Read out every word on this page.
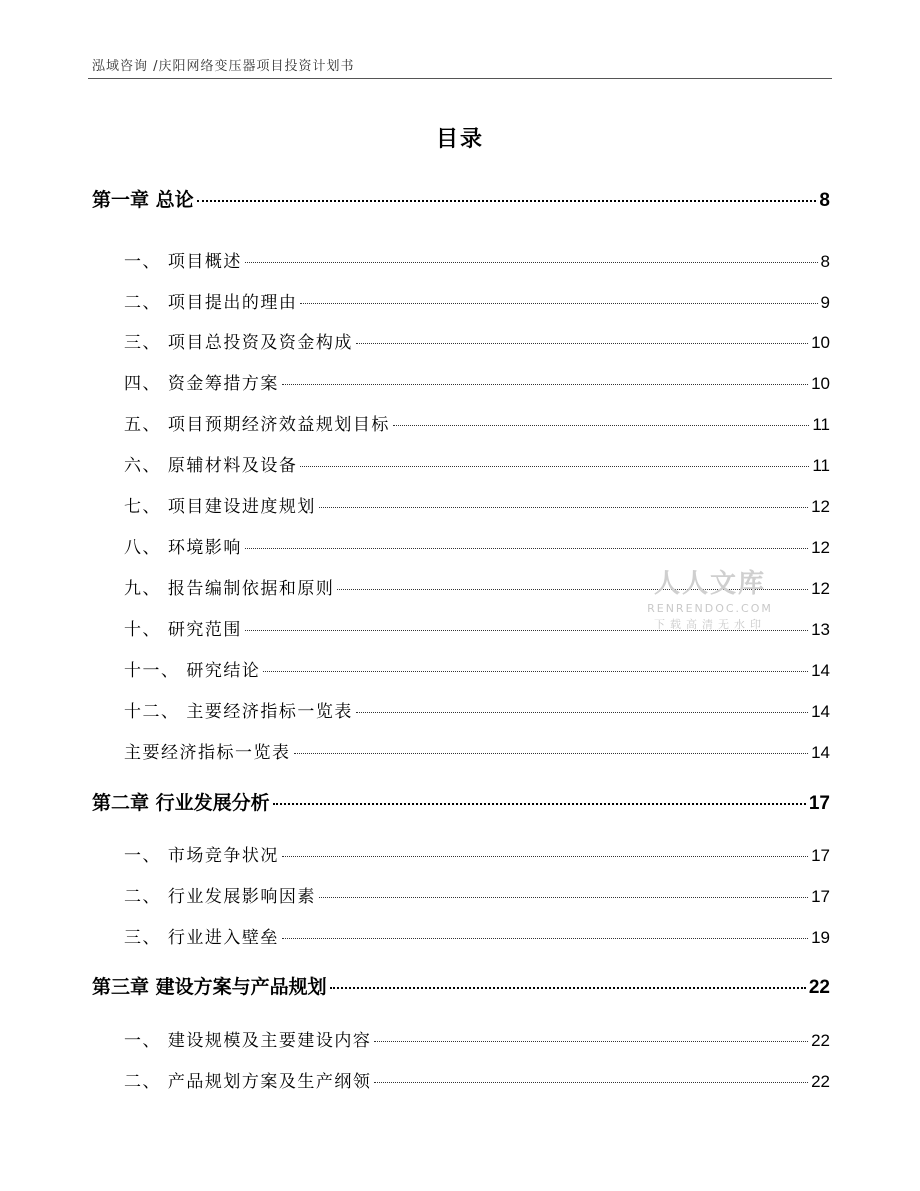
泓域咨询 /庆阳网络变压器项目投资计划书
目录
第一章 总论	8
一、 项目概述	8
二、 项目提出的理由	9
三、 项目总投资及资金构成	10
四、 资金筹措方案	10
五、 项目预期经济效益规划目标	11
六、 原辅材料及设备	11
七、 项目建设进度规划	12
八、 环境影响	12
九、 报告编制依据和原则	12
十、 研究范围	13
十一、 研究结论	14
十二、 主要经济指标一览表	14
主要经济指标一览表	14
第二章 行业发展分析	17
一、 市场竞争状况	17
二、 行业发展影响因素	17
三、 行业进入壁垒	19
第三章 建设方案与产品规划	22
一、 建设规模及主要建设内容	22
二、 产品规划方案及生产纲领	22
人人文库
RENRENDOC.COM
下载高清无水印
